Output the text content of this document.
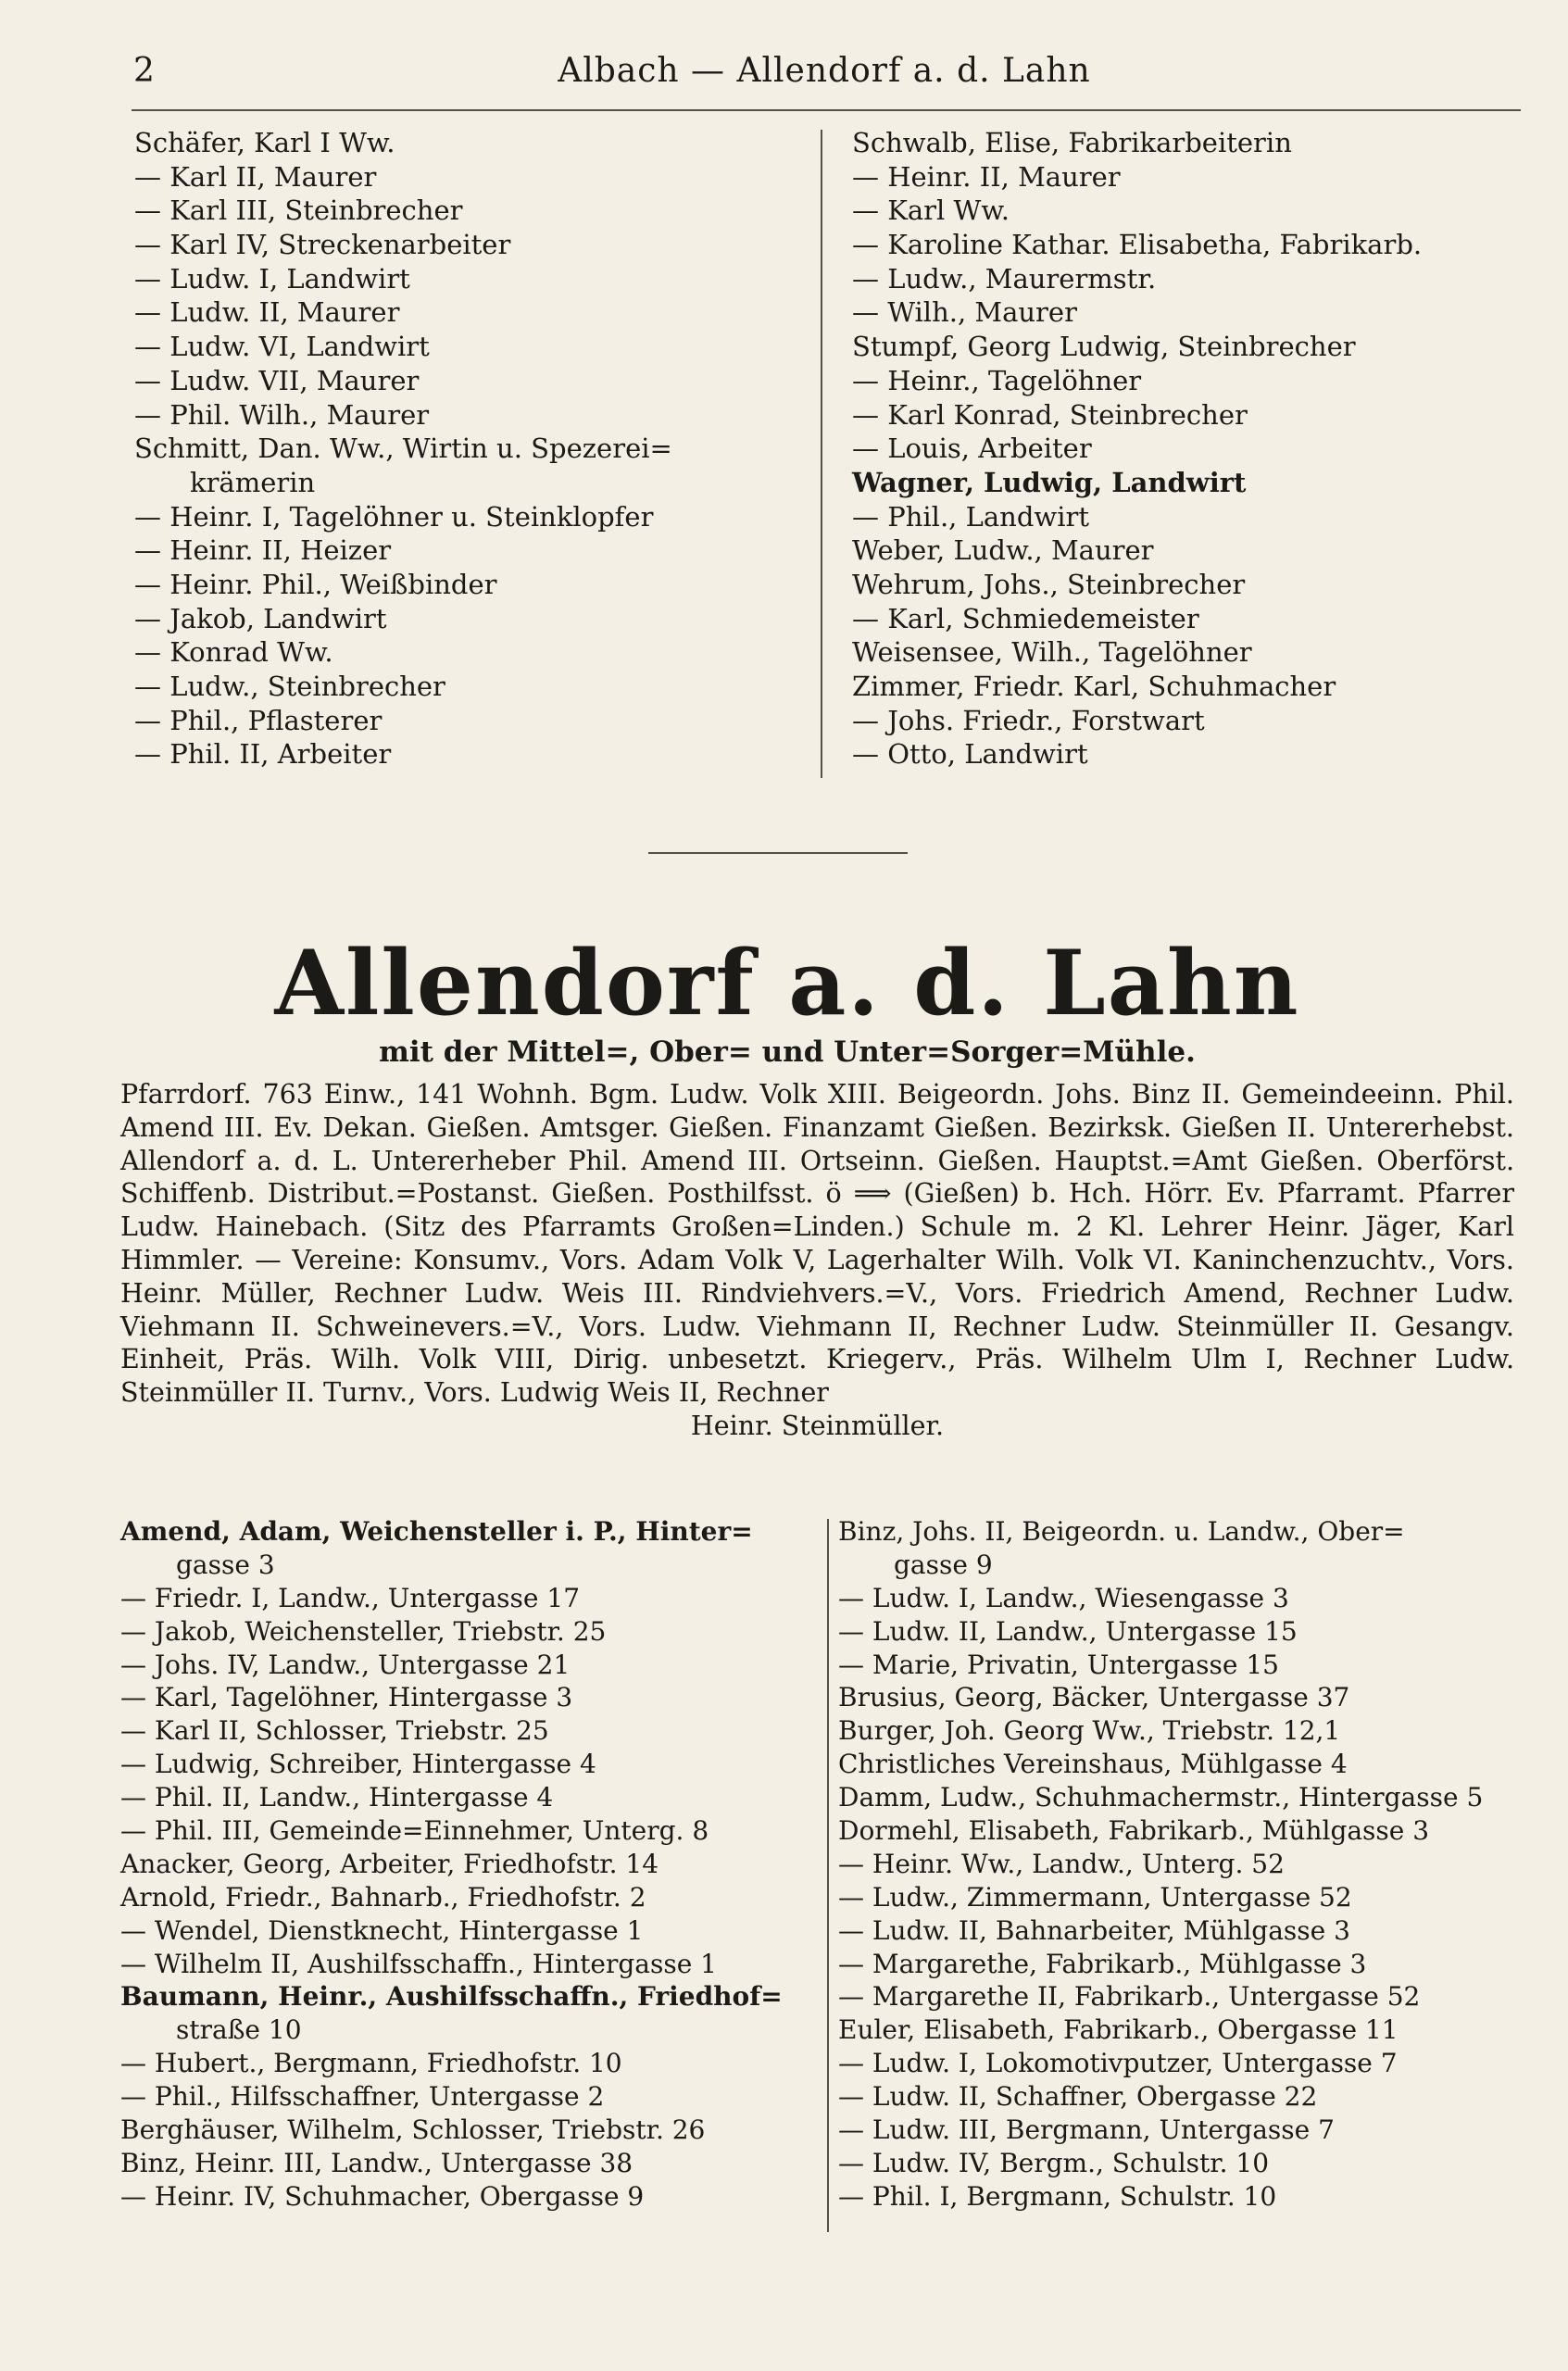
2	Albach — Allendorf a. d. Lahn
Schäfer, Karl I Ww.
— Karl II, Maurer
— Karl III, Steinbrecher
— Karl IV, Streckenarbeiter
— Ludw. I, Landwirt
— Ludw. II, Maurer
— Ludw. VI, Landwirt
— Ludw. VII, Maurer
— Phil. Wilh., Maurer
Schmitt, Dan. Ww., Wirtin u. Spezerei=
krämerin
— Heinr. I, Tagelöhner u. Steinklopfer
— Heinr. II, Heizer
— Heinr. Phil., Weißbinder
— Jakob, Landwirt
— Konrad Ww.
— Ludw., Steinbrecher
— Phil., Pflasterer
— Phil. II, Arbeiter
Schwalb, Elise, Fabrikarbeiterin
— Heinr. II, Maurer
— Karl Ww.
— Karoline Kathar. Elisabetha, Fabrikarb.
— Ludw., Maurermstr.
— Wilh., Maurer
Stumpf, Georg Ludwig, Steinbrecher
— Heinr., Tagelöhner
— Karl Konrad, Steinbrecher
— Louis, Arbeiter
Wagner, Ludwig, Landwirt
— Phil., Landwirt
Weber, Ludw., Maurer
Wehrum, Johs., Steinbrecher
— Karl, Schmiedemeister
Weisensee, Wilh., Tagelöhner
Zimmer, Friedr. Karl, Schuhmacher
— Johs. Friedr., Forstwart
— Otto, Landwirt
Allendorf a. d. Lahn
mit der Mittel=, Ober= und Unter=Sorger=Mühle.
Pfarrdorf. 763 Einw., 141 Wohnh. Bgm. Ludw. Volk XIII. Beigeordn. Johs. Binz II. Gemeindeeinn. Phil. Amend III. Ev. Dekan. Gießen. Amtsger. Gießen. Finanzamt Gießen. Bezirksk. Gießen II. Untererhebst. Allendorf a. d. L. Untererheber Phil. Amend III. Ortseinn. Gießen. Hauptst.=Amt Gießen. Oberförst. Schiffenb. Distribut.=Postanst. Gießen. Posthilfsst. ö ⟹ (Gießen) b. Hch. Hörr. Ev. Pfarramt. Pfarrer Ludw. Hainebach. (Sitz des Pfarramts Großen=Linden.) Schule m. 2 Kl. Lehrer Heinr. Jäger, Karl Himmler. — Vereine: Konsumv., Vors. Adam Volk V, Lagerhalter Wilh. Volk VI. Kaninchenzuchtv., Vors. Heinr. Müller, Rechner Ludw. Weis III. Rindviehvers.=V., Vors. Friedrich Amend, Rechner Ludw. Viehmann II. Schweinevers.=V., Vors. Ludw. Viehmann II, Rechner Ludw. Steinmüller II. Gesangv. Einheit, Präs. Wilh. Volk VIII, Dirig. unbesetzt. Kriegerv., Präs. Wilhelm Ulm I, Rechner Ludw. Steinmüller II. Turnv., Vors. Ludwig Weis II, Rechner
Heinr. Steinmüller.
Amend, Adam, Weichensteller i. P., Hinter=
gasse 3
— Friedr. I, Landw., Untergasse 17
— Jakob, Weichensteller, Triebstr. 25
— Johs. IV, Landw., Untergasse 21
— Karl, Tagelöhner, Hintergasse 3
— Karl II, Schlosser, Triebstr. 25
— Ludwig, Schreiber, Hintergasse 4
— Phil. II, Landw., Hintergasse 4
— Phil. III, Gemeinde=Einnehmer, Unterg. 8
Anacker, Georg, Arbeiter, Friedhofstr. 14
Arnold, Friedr., Bahnarb., Friedhofstr. 2
— Wendel, Dienstknecht, Hintergasse 1
— Wilhelm II, Aushilfsschaffn., Hintergasse 1
Baumann, Heinr., Aushilfsschaffn., Friedhof=
straße 10
— Hubert., Bergmann, Friedhofstr. 10
— Phil., Hilfsschaffner, Untergasse 2
Berghäuser, Wilhelm, Schlosser, Triebstr. 26
Binz, Heinr. III, Landw., Untergasse 38
— Heinr. IV, Schuhmacher, Obergasse 9
Binz, Johs. II, Beigeordn. u. Landw., Ober=
gasse 9
— Ludw. I, Landw., Wiesengasse 3
— Ludw. II, Landw., Untergasse 15
— Marie, Privatin, Untergasse 15
Brusius, Georg, Bäcker, Untergasse 37
Burger, Joh. Georg Ww., Triebstr. 12,1
Christliches Vereinshaus, Mühlgasse 4
Damm, Ludw., Schuhmachermstr., Hintergasse 5
Dormehl, Elisabeth, Fabrikarb., Mühlgasse 3
— Heinr. Ww., Landw., Unterg. 52
— Ludw., Zimmermann, Untergasse 52
— Ludw. II, Bahnarbeiter, Mühlgasse 3
— Margarethe, Fabrikarb., Mühlgasse 3
— Margarethe II, Fabrikarb., Untergasse 52
Euler, Elisabeth, Fabrikarb., Obergasse 11
— Ludw. I, Lokomotivputzer, Untergasse 7
— Ludw. II, Schaffner, Obergasse 22
— Ludw. III, Bergmann, Untergasse 7
— Ludw. IV, Bergm., Schulstr. 10
— Phil. I, Bergmann, Schulstr. 10
